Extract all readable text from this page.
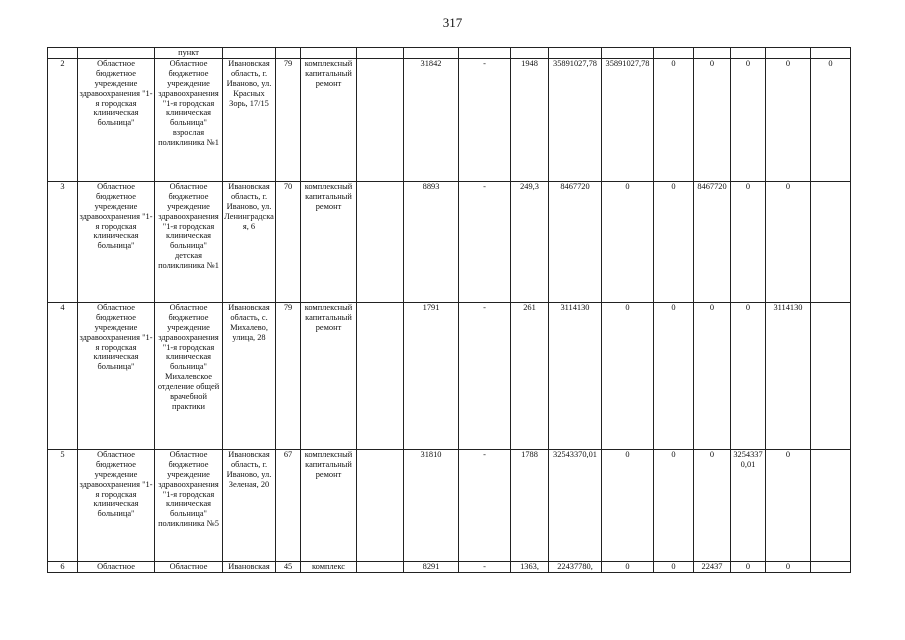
317
		пункт														
2	Областное бюджетное учреждение здравоохранения "1-я городская клиническая больница"	Областное бюджетное учреждение здравоохранения "1-я городская клиническая больница" взрослая поликлиника №1	Ивановская область, г. Иваново, ул. Красных Зорь, 17/15	79	комплексный капитальный ремонт		31842	-	1948	35891027,78	35891027,78	0	0	0	0	0
3	Областное бюджетное учреждение здравоохранения "1-я городская клиническая больница"	Областное бюджетное учреждение здравоохранения "1-я городская клиническая больница" детская поликлиника №1	Ивановская область, г. Иваново, ул. Ленинградская, 6	70	комплексный капитальный ремонт		8893	-	249,3	8467720	0	0	8467720	0	0	
4	Областное бюджетное учреждение здравоохранения "1-я городская клиническая больница"	Областное бюджетное учреждение здравоохранения "1-я городская клиническая больница" Михалевское отделение общей врачебной практики	Ивановская область, с. Михалево, улица, 28	79	комплексный капитальный ремонт		1791	-	261	3114130	0	0	0	0	3114130	
5	Областное бюджетное учреждение здравоохранения "1-я городская клиническая больница"	Областное бюджетное учреждение здравоохранения "1-я городская клиническая больница" поликлиника №5	Ивановская область, г. Иваново, ул. Зеленая, 20	67	комплексный капитальный ремонт		31810	-	1788	32543370,01	0	0	0	32543370,01	0	
6	Областное	Областное	Ивановская	45	комплекс		8291	-	1363,	22437780,	0	0	22437	0	0	
